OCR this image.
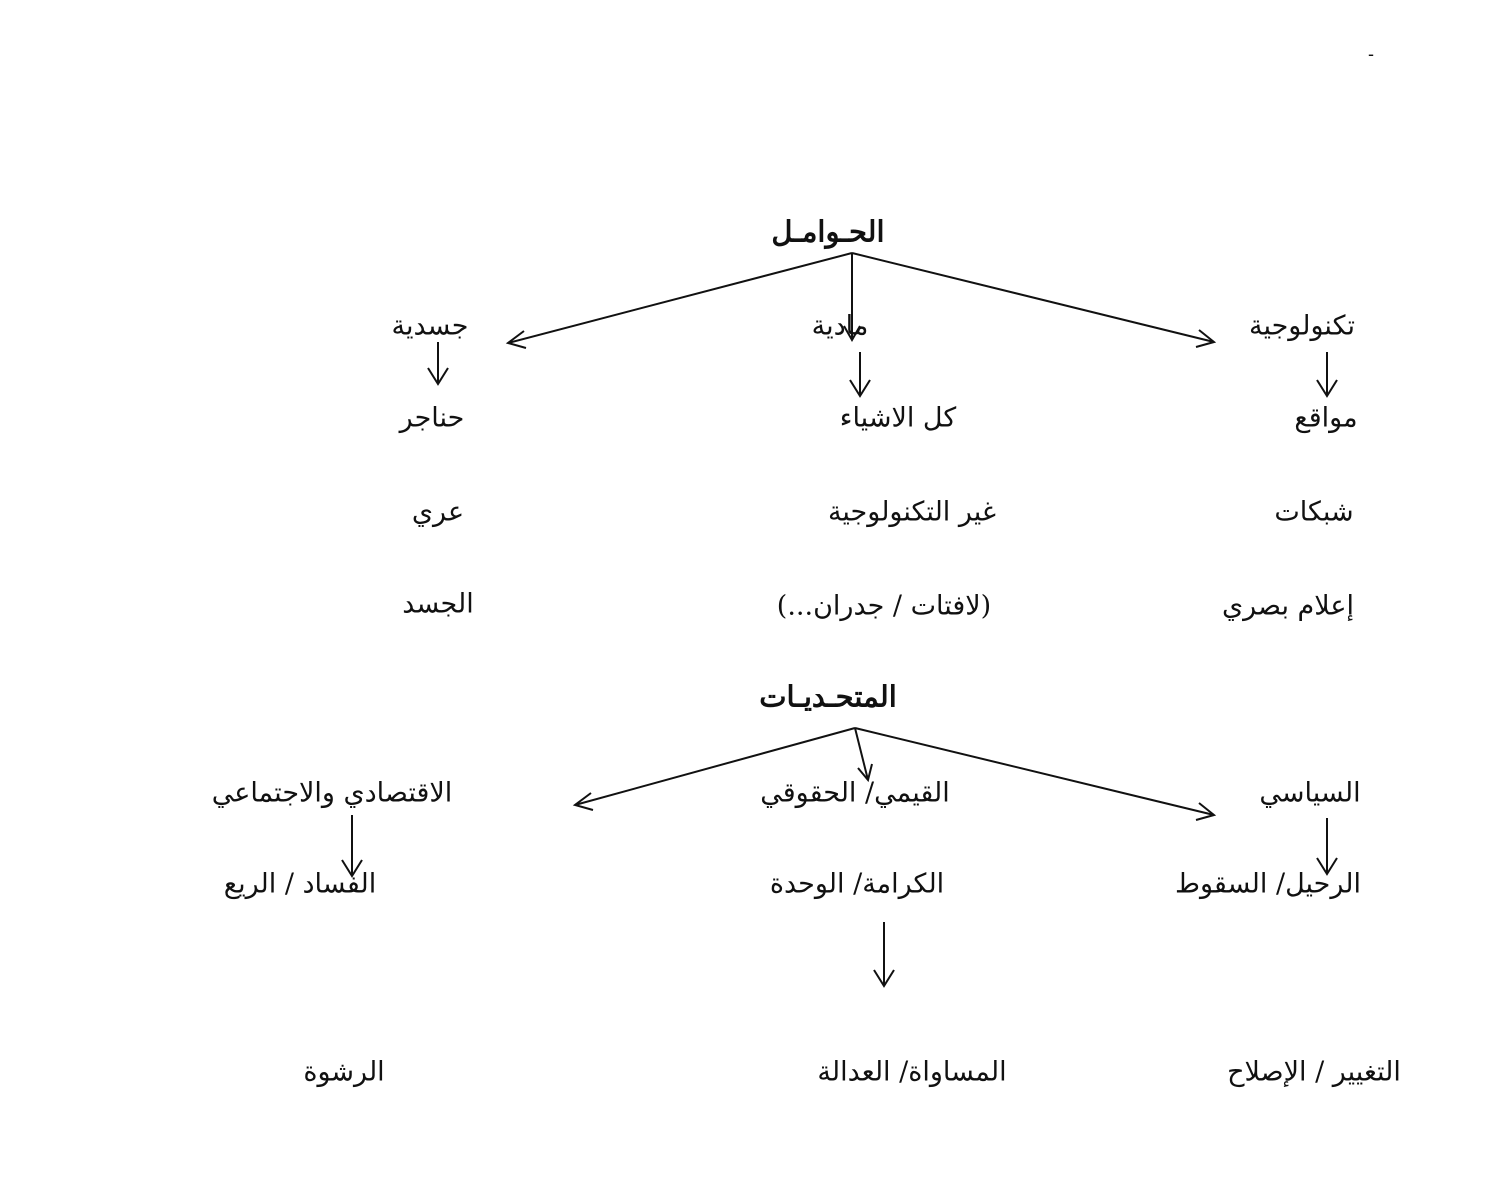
-
الحـوامـل
تكنولوجية
مادية
جسدية
مواقع
شبكات
إعلام بصري
كل الاشياء
غير التكنولوجية
(لافتات / جدران...)
حناجر
عري
الجسد
المتحـديـات
السياسي
القيمي/ الحقوقي
الاقتصادي والاجتماعي
الرحيل/ السقوط
الكرامة/ الوحدة
الفساد / الريع
التغيير / الإصلاح
المساواة/ العدالة
الرشوة
